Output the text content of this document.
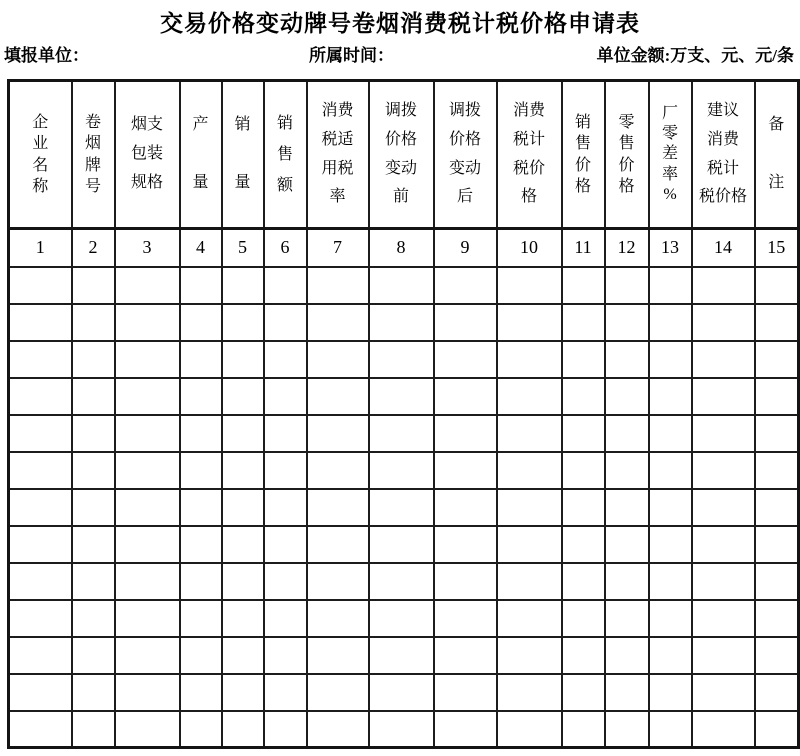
交易价格变动牌号卷烟消费税计税价格申请表
填报单位：	所属时间：	单位金额:万支、元、元/条
企
业
名
称	卷
烟
牌
号	烟支
包装
规格	产

量	销

量	销
售
额	消费
税适
用税
率	调拨
价格
变动
前	调拨
价格
变动
后	消费
税计
税价
格	销
售
价
格	零
售
价
格	厂
零
差
率
%	建议
消费
税计
税价格	备

注
1	2	3	4	5	6	7	8	9	10	11	12	13	14	15
